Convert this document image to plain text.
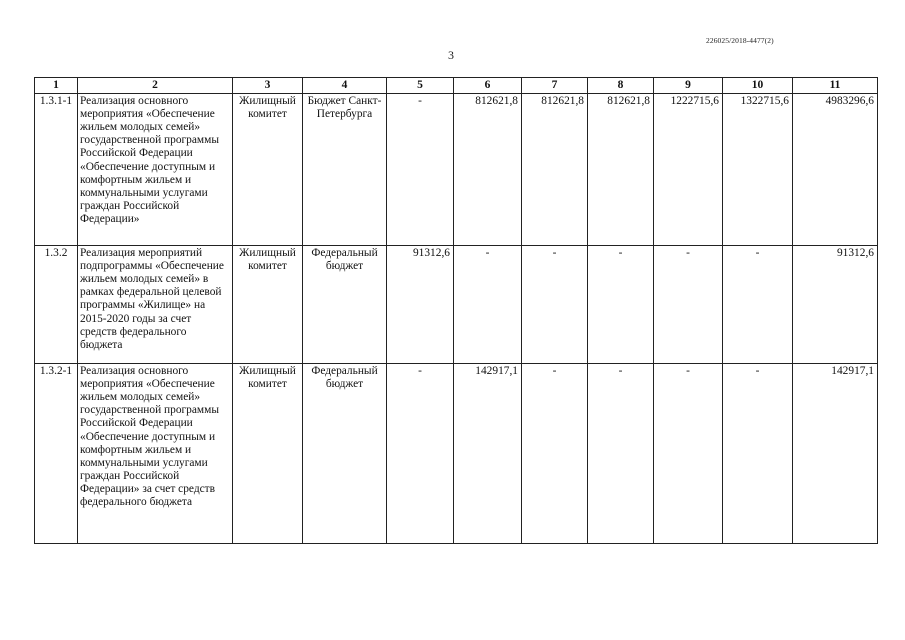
226025/2018-4477(2)
3
1	2	3	4	5	6	7	8	9	10	11
1.3.1-1	Реализация основного мероприятия «Обеспечение жильем молодых семей» государственной программы Российской Федерации «Обеспечение доступным и комфортным жильем и коммунальными услугами граждан Российской Федерации»	Жилищный комитет	Бюджет Санкт-Петербурга	-	812621,8	812621,8	812621,8	1222715,6	1322715,6	4983296,6
1.3.2	Реализация мероприятий подпрограммы «Обеспечение жильем молодых семей» в рамках федеральной целевой программы «Жилище» на 2015-2020 годы за счет средств федерального бюджета	Жилищный комитет	Федеральный бюджет	91312,6	-	-	-	-	-	91312,6
1.3.2-1	Реализация основного мероприятия «Обеспечение жильем молодых семей» государственной программы Российской Федерации «Обеспечение доступным и комфортным жильем и коммунальными услугами граждан Российской Федерации» за счет средств федерального бюджета	Жилищный комитет	Федеральный бюджет	-	142917,1	-	-	-	-	142917,1
